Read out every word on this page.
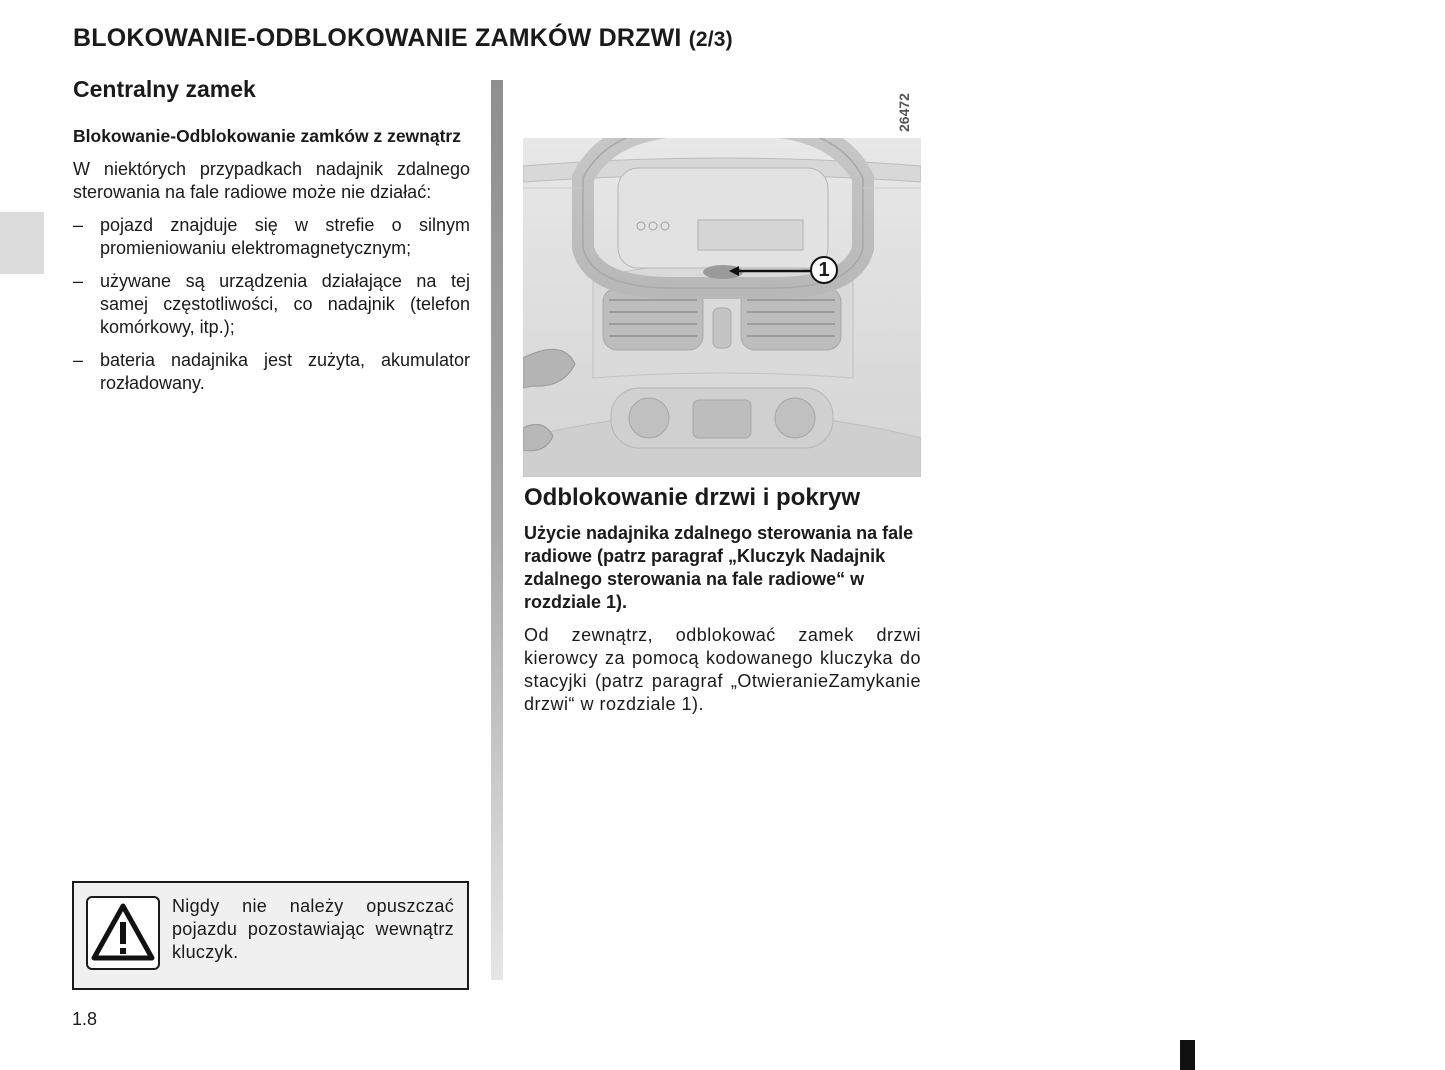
BLOKOWANIE-ODBLOKOWANIE ZAMKÓW DRZWI (2/3)
Centralny zamek
Blokowanie-Odblokowanie zamków z zewnątrz

W niektórych przypadkach nadajnik zdalnego sterowania na fale radiowe może nie działać:

– pojazd znajduje się w strefie o silnym promieniowaniu elektromagnetycznym;
– używane są urządzenia działające na tej samej częstotliwości, co nadajnik (telefon komórkowy, itp.);
– bateria nadajnika jest zużyta, akumulator rozładowany.
26472
1
Odblokowanie drzwi i pokryw
Użycie nadajnika zdalnego sterowania na fale radiowe (patrz paragraf „Kluczyk Nadajnik zdalnego sterowania na fale radiowe“ w rozdziale 1).

Od zewnątrz, odblokować zamek drzwi kierowcy za pomocą kodowanego kluczyka do stacyjki (patrz paragraf „OtwieranieZamykanie drzwi“ w rozdziale 1).

Nigdy nie należy opuszczać pojazdu pozostawiając wewnątrz kluczyk.

1.8
